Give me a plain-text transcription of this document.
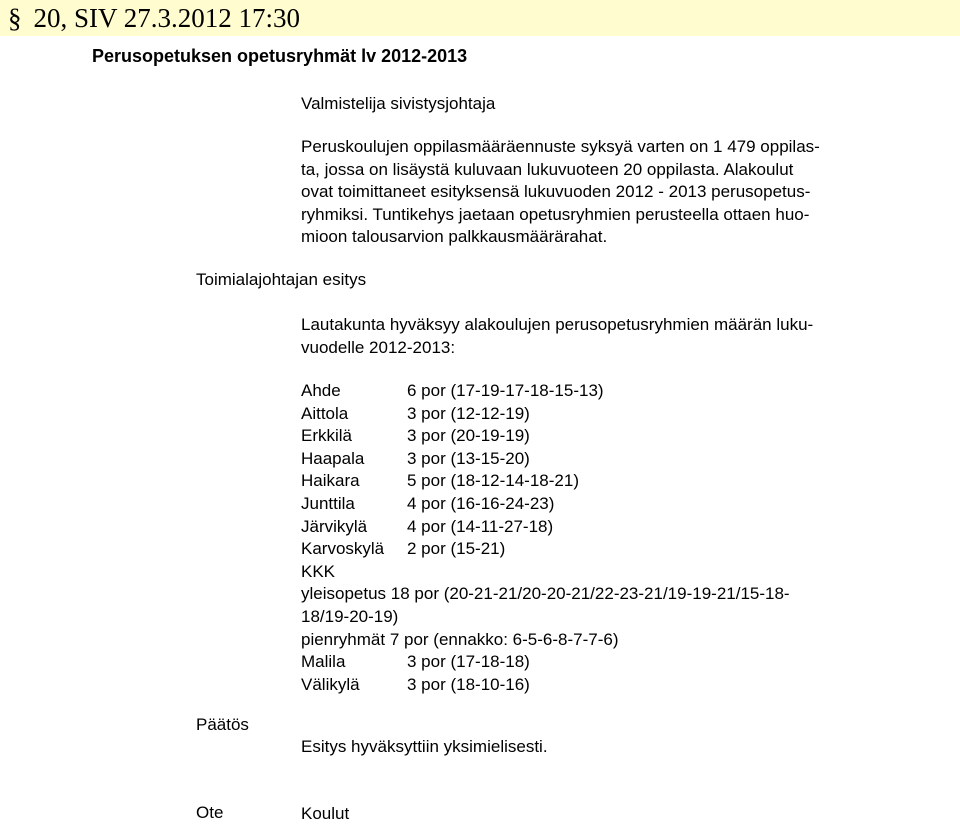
§ 20, SIV 27.3.2012 17:30
Perusopetuksen opetusryhmät lv 2012-2013
Valmistelija sivistysjohtaja
Peruskoulujen oppilasmääräennuste syksyä varten on 1 479 oppilas-
ta, jossa on lisäystä kuluvaan lukuvuoteen 20 oppilasta. Alakoulut
ovat toimittaneet esityksensä lukuvuoden 2012 - 2013 perusopetus-
ryhmiksi. Tuntikehys jaetaan opetusryhmien perusteella ottaen huo-
mioon talousarvion palkkausmäärärahat.
Toimialajohtajan esitys
Lautakunta hyväksyy alakoulujen perusopetusryhmien määrän luku-
vuodelle 2012-2013:
Ahde	6 por (17-19-17-18-15-13)
Aittola	3 por (12-12-19)
Erkkilä	3 por (20-19-19)
Haapala	3 por (13-15-20)
Haikara	5 por (18-12-14-18-21)
Junttila	4 por (16-16-24-23)
Järvikylä	4 por (14-11-27-18)
Karvoskylä	2 por (15-21)
KKK
yleisopetus 18 por (20-21-21/20-20-21/22-23-21/19-19-21/15-18-
18/19-20-19)
pienryhmät 7 por (ennakko: 6-5-6-8-7-7-6)
Malila	3 por (17-18-18)
Välikylä	3 por (18-10-16)
Päätös
Esitys hyväksyttiin yksimielisesti.
Ote	Koulut
